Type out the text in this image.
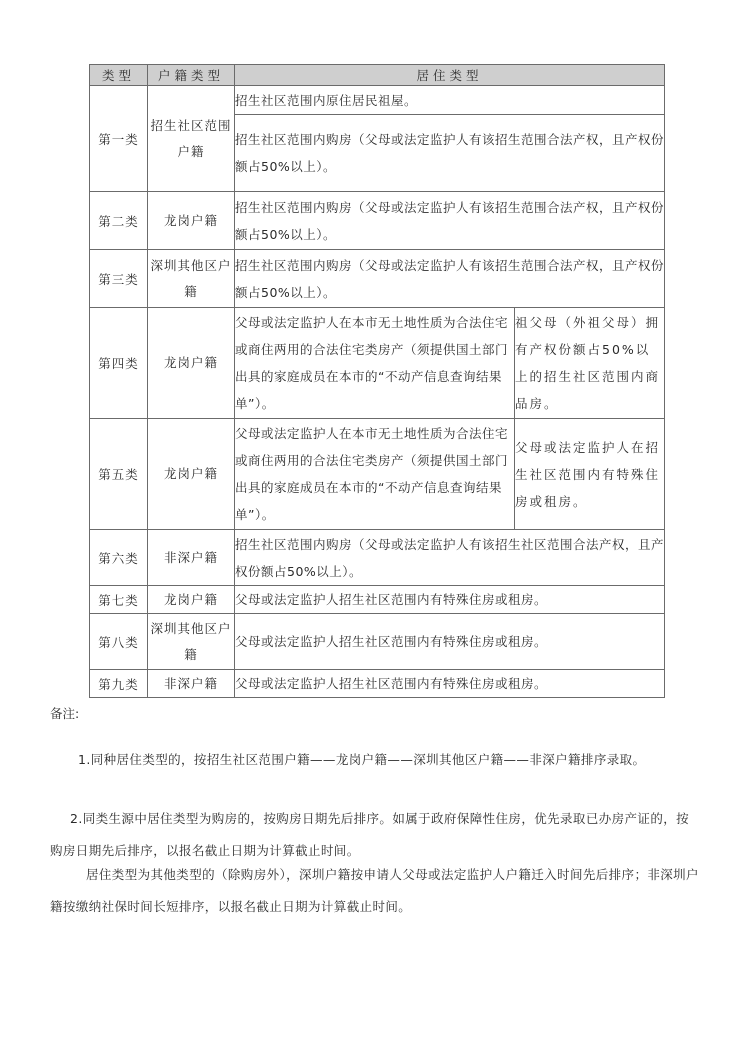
类型	户籍类型	居住类型	
第一类	招生社区范围户籍	招生社区范围内原住居民祖屋。	
		招生社区范围内购房（父母或法定监护人有该招生范围合法产权，且产权份额占50%以上）。	
第二类	龙岗户籍	招生社区范围内购房（父母或法定监护人有该招生范围合法产权，且产权份额占50%以上）。	
第三类	深圳其他区户籍	招生社区范围内购房（父母或法定监护人有该招生范围合法产权，且产权份额占50%以上）。	
第四类	龙岗户籍	父母或法定监护人在本市无土地性质为合法住宅或商住两用的合法住宅类房产（须提供国土部门出具的家庭成员在本市的“不动产信息查询结果单”）。	祖父母（外祖父母）拥有产权份额占50%以上的招生社区范围内商品房。
第五类	龙岗户籍	父母或法定监护人在本市无土地性质为合法住宅或商住两用的合法住宅类房产（须提供国土部门出具的家庭成员在本市的“不动产信息查询结果单”）。	父母或法定监护人在招生社区范围内有特殊住房或租房。
第六类	非深户籍	招生社区范围内购房（父母或法定监护人有该招生社区范围合法产权，且产权份额占50%以上）。	
第七类	龙岗户籍	父母或法定监护人招生社区范围内有特殊住房或租房。	
第八类	深圳其他区户籍	父母或法定监护人招生社区范围内有特殊住房或租房。	
第九类	非深户籍	父母或法定监护人招生社区范围内有特殊住房或租房。	
备注:

1.同种居住类型的，按招生社区范围户籍——龙岗户籍——深圳其他区户籍——非深户籍排序录取。

2.同类生源中居住类型为购房的，按购房日期先后排序。如属于政府保障性住房，优先录取已办房产证的，按购房日期先后排序，以报名截止日期为计算截止时间。

居住类型为其他类型的（除购房外），深圳户籍按申请人父母或法定监护人户籍迁入时间先后排序；非深圳户籍按缴纳社保时间长短排序，以报名截止日期为计算截止时间。
